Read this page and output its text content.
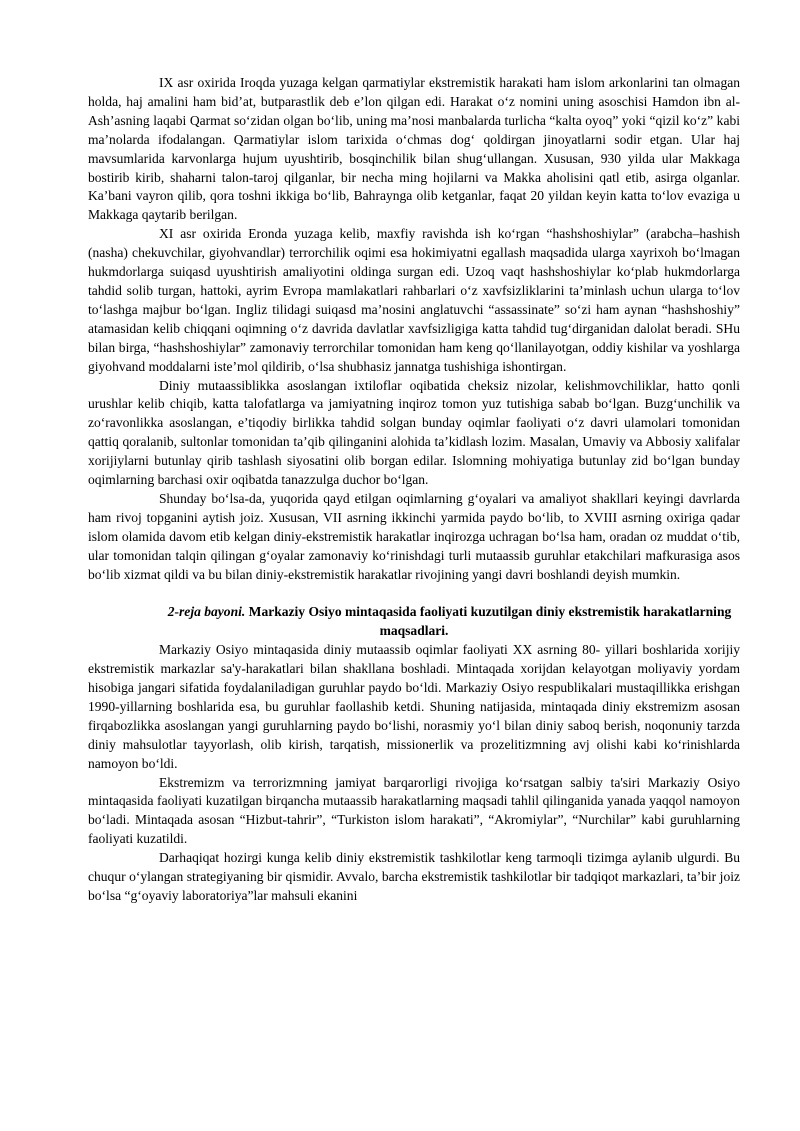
IX asr oxirida Iroqda yuzaga kelgan qarmatiylar ekstremistik harakati ham islom arkonlarini tan olmagan holda, haj amalini ham bid’at, butparastlik deb e’lon qilgan edi. Harakat o‘z nomini uning asoschisi Hamdon ibn al-Ash’asning laqabi Qarmat so‘zidan olgan bo‘lib, uning ma’nosi manbalarda turlicha “kalta oyoq” yoki “qizil ko‘z” kabi ma’nolarda ifodalangan. Qarmatiylar islom tarixida o‘chmas dog‘ qoldirgan jinoyatlarni sodir etgan. Ular haj mavsumlarida karvonlarga hujum uyushtirib, bosqinchilik bilan shug‘ullangan. Xususan, 930 yilda ular Makkaga bostirib kirib, shaharni talon-taroj qilganlar, bir necha ming hojilarni va Makka aholisini qatl etib, asirga olganlar. Ka’bani vayron qilib, qora toshni ikkiga bo‘lib, Bahraynga olib ketganlar, faqat 20 yildan keyin katta to‘lov evaziga u Makkaga qaytarib berilgan.

XI asr oxirida Eronda yuzaga kelib, maxfiy ravishda ish ko‘rgan “hashshoshiylar” (arabcha–hashish (nasha) chekuvchilar, giyohvandlar) terrorchilik oqimi esa hokimiyatni egallash maqsadida ularga xayrixoh bo‘lmagan hukmdorlarga suiqasd uyushtirish amaliyotini oldinga surgan edi. Uzoq vaqt hashshoshiylar ko‘plab hukmdorlarga tahdid solib turgan, hattoki, ayrim Evropa mamlakatlari rahbarlari o‘z xavfsizliklarini ta’minlash uchun ularga to‘lov to‘lashga majbur bo‘lgan. Ingliz tilidagi suiqasd ma’nosini anglatuvchi “assassinate” so‘zi ham aynan “hashshoshiy” atamasidan kelib chiqqani oqimning o‘z davrida davlatlar xavfsizligiga katta tahdid tug‘dirganidan dalolat beradi. SHu bilan birga, “hashshoshiylar” zamonaviy terrorchilar tomonidan ham keng qo‘llanilayotgan, oddiy kishilar va yoshlarga giyohvand moddalarni iste’mol qildirib, o‘lsa shubhasiz jannatga tushishiga ishontirgan.

Diniy mutaassiblikka asoslangan ixtiloflar oqibatida cheksiz nizolar, kelishmovchiliklar, hatto qonli urushlar kelib chiqib, katta talofatlarga va jamiyatning inqiroz tomon yuz tutishiga sabab bo‘lgan. Buzg‘unchilik va zo‘ravonlikka asoslangan, e’tiqodiy birlikka tahdid solgan bunday oqimlar faoliyati o‘z davri ulamolari tomonidan qattiq qoralanib, sultonlar tomonidan ta’qib qilinganini alohida ta’kidlash lozim. Masalan, Umaviy va Abbosiy xalifalar xorijiylarni butunlay qirib tashlash siyosatini olib borgan edilar. Islomning mohiyatiga butunlay zid bo‘lgan bunday oqimlarning barchasi oxir oqibatda tanazzulga duchor bo‘lgan.

Shunday bo‘lsa-da, yuqorida qayd etilgan oqimlarning g‘oyalari va amaliyot shakllari keyingi davrlarda ham rivoj topganini aytish joiz. Xususan, VII asrning ikkinchi yarmida paydo bo‘lib, to XVIII asrning oxiriga qadar islom olamida davom etib kelgan diniy-ekstremistik harakatlar inqirozga uchragan bo‘lsa ham, oradan oz muddat o‘tib, ular tomonidan talqin qilingan g‘oyalar zamonaviy ko‘rinishdagi turli mutaassib guruhlar etakchilari mafkurasiga asos bo‘lib xizmat qildi va bu bilan diniy-ekstremistik harakatlar rivojining yangi davri boshlandi deyish mumkin.

2-reja bayoni. Markaziy Osiyo mintaqasida faoliyati kuzutilgan diniy ekstremistik harakatlarning maqsadlari.

Markaziy Osiyo mintaqasida diniy mutaassib oqimlar faoliyati XX asrning 80- yillari boshlarida xorijiy ekstremistik markazlar sa'y-harakatlari bilan shakllana boshladi. Mintaqada xorijdan kelayotgan moliyaviy yordam hisobiga jangari sifatida foydalaniladigan guruhlar paydo bo‘ldi. Markaziy Osiyo respublikalari mustaqillikka erishgan 1990-yillarning boshlarida esa, bu guruhlar faollashib ketdi. Shuning natijasida, mintaqada diniy ekstremizm asosan firqabozlikka asoslangan yangi guruhlarning paydo bo‘lishi, norasmiy yo‘l bilan diniy saboq berish, noqonuniy tarzda diniy mahsulotlar tayyorlash, olib kirish, tarqatish, missionerlik va prozelitizmning avj olishi kabi ko‘rinishlarda namoyon bo‘ldi.

Ekstremizm va terrorizmning jamiyat barqarorligi rivojiga ko‘rsatgan salbiy ta'siri Markaziy Osiyo mintaqasida faoliyati kuzatilgan birqancha mutaassib harakatlarning maqsadi tahlil qilinganida yanada yaqqol namoyon bo‘ladi. Mintaqada asosan “Hizbut-tahrir”, “Turkiston islom harakati”, “Akromiylar”, “Nurchilar” kabi guruhlarning faoliyati kuzatildi.

Darhaqiqat hozirgi kunga kelib diniy ekstremistik tashkilotlar keng tarmoqli tizimga aylanib ulgurdi. Bu chuqur o‘ylangan strategiyaning bir qismidir. Avvalo, barcha ekstremistik tashkilotlar bir tadqiqot markazlari, ta’bir joiz bo‘lsa “g‘oyaviy laboratoriya”lar mahsuli ekanini
